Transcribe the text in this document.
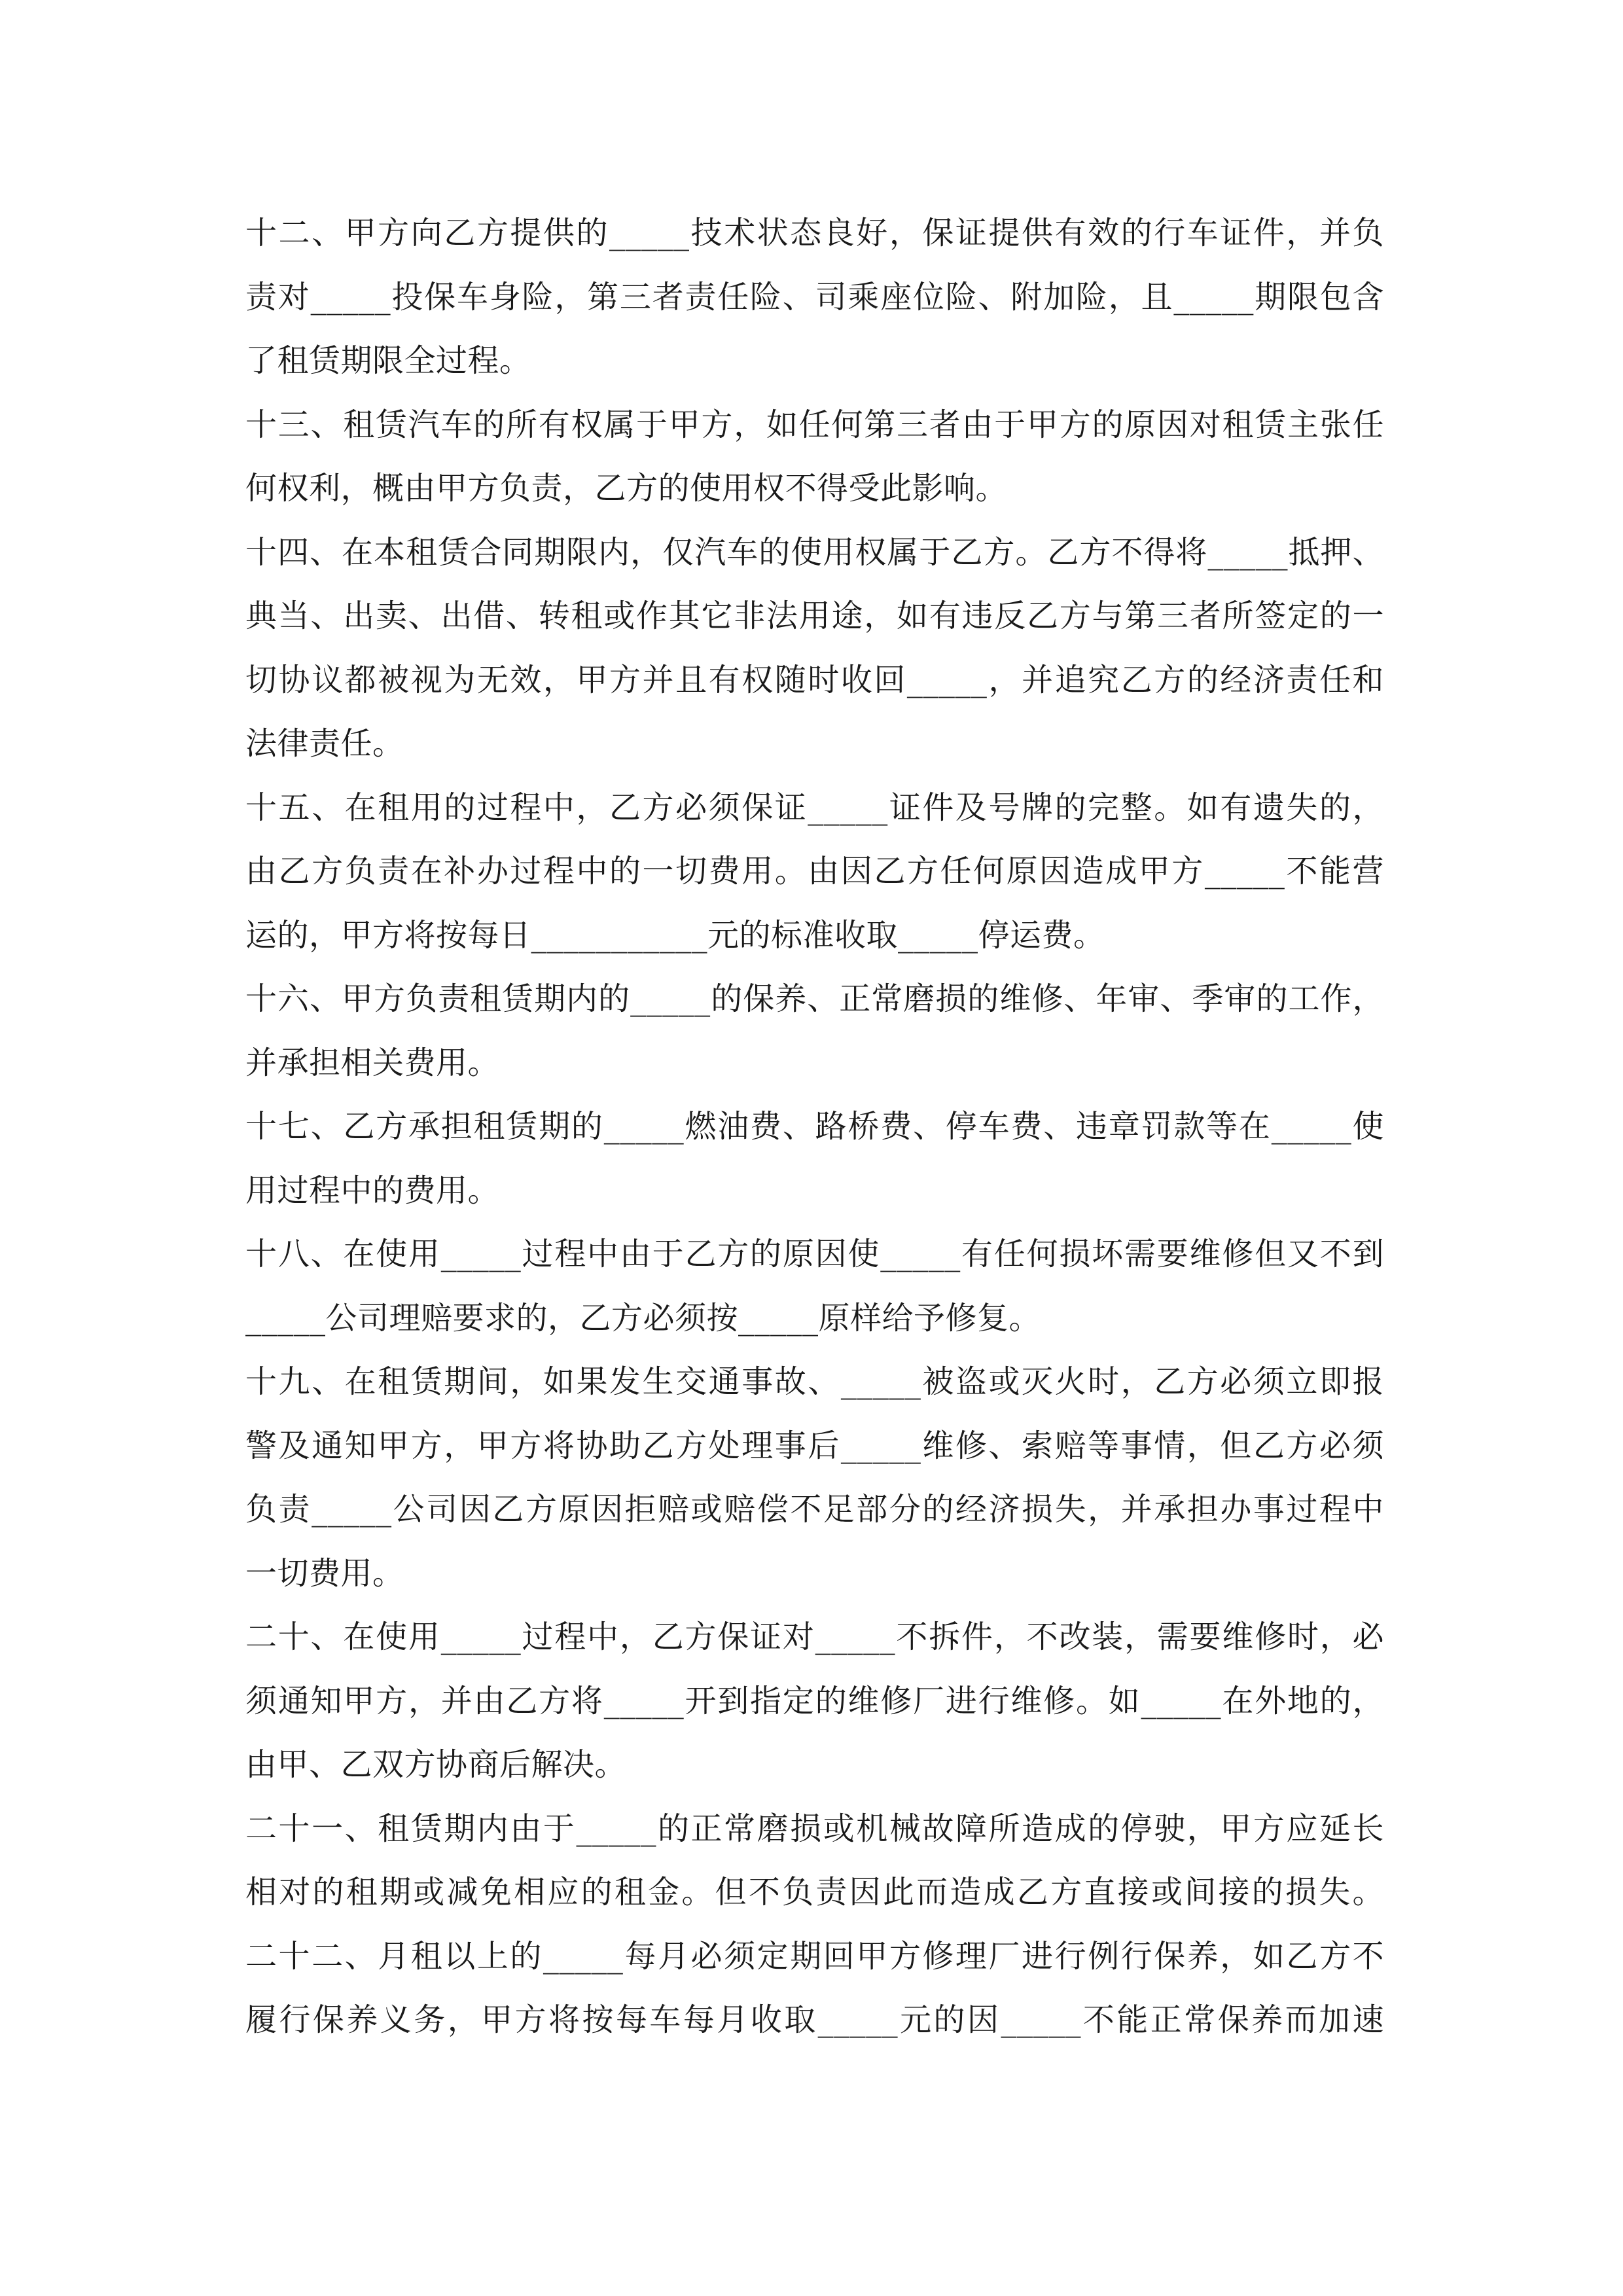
十二、甲方向乙方提供的_____技术状态良好，保证提供有效的行车证件，并负
责对_____投保车身险，第三者责任险、司乘座位险、附加险，且_____期限包含
了租赁期限全过程。
十三、租赁汽车的所有权属于甲方，如任何第三者由于甲方的原因对租赁主张任
何权利，概由甲方负责，乙方的使用权不得受此影响。
十四、在本租赁合同期限内，仅汽车的使用权属于乙方。乙方不得将_____抵押、
典当、出卖、出借、转租或作其它非法用途，如有违反乙方与第三者所签定的一
切协议都被视为无效，甲方并且有权随时收回_____，并追究乙方的经济责任和
法律责任。
十五、在租用的过程中，乙方必须保证_____证件及号牌的完整。如有遗失的，
由乙方负责在补办过程中的一切费用。由因乙方任何原因造成甲方_____不能营
运的，甲方将按每日___________元的标准收取_____停运费。
十六、甲方负责租赁期内的_____的保养、正常磨损的维修、年审、季审的工作，
并承担相关费用。
十七、乙方承担租赁期的_____燃油费、路桥费、停车费、违章罚款等在_____使
用过程中的费用。
十八、在使用_____过程中由于乙方的原因使_____有任何损坏需要维修但又不到
_____公司理赔要求的，乙方必须按_____原样给予修复。
十九、在租赁期间，如果发生交通事故、_____被盗或灭火时，乙方必须立即报
警及通知甲方，甲方将协助乙方处理事后_____维修、索赔等事情，但乙方必须
负责_____公司因乙方原因拒赔或赔偿不足部分的经济损失，并承担办事过程中
一切费用。
二十、在使用_____过程中，乙方保证对_____不拆件，不改装，需要维修时，必
须通知甲方，并由乙方将_____开到指定的维修厂进行维修。如_____在外地的，
由甲、乙双方协商后解决。
二十一、租赁期内由于_____的正常磨损或机械故障所造成的停驶，甲方应延长
相对的租期或减免相应的租金。但不负责因此而造成乙方直接或间接的损失。
二十二、月租以上的_____每月必须定期回甲方修理厂进行例行保养，如乙方不
履行保养义务，甲方将按每车每月收取_____元的因_____不能正常保养而加速
